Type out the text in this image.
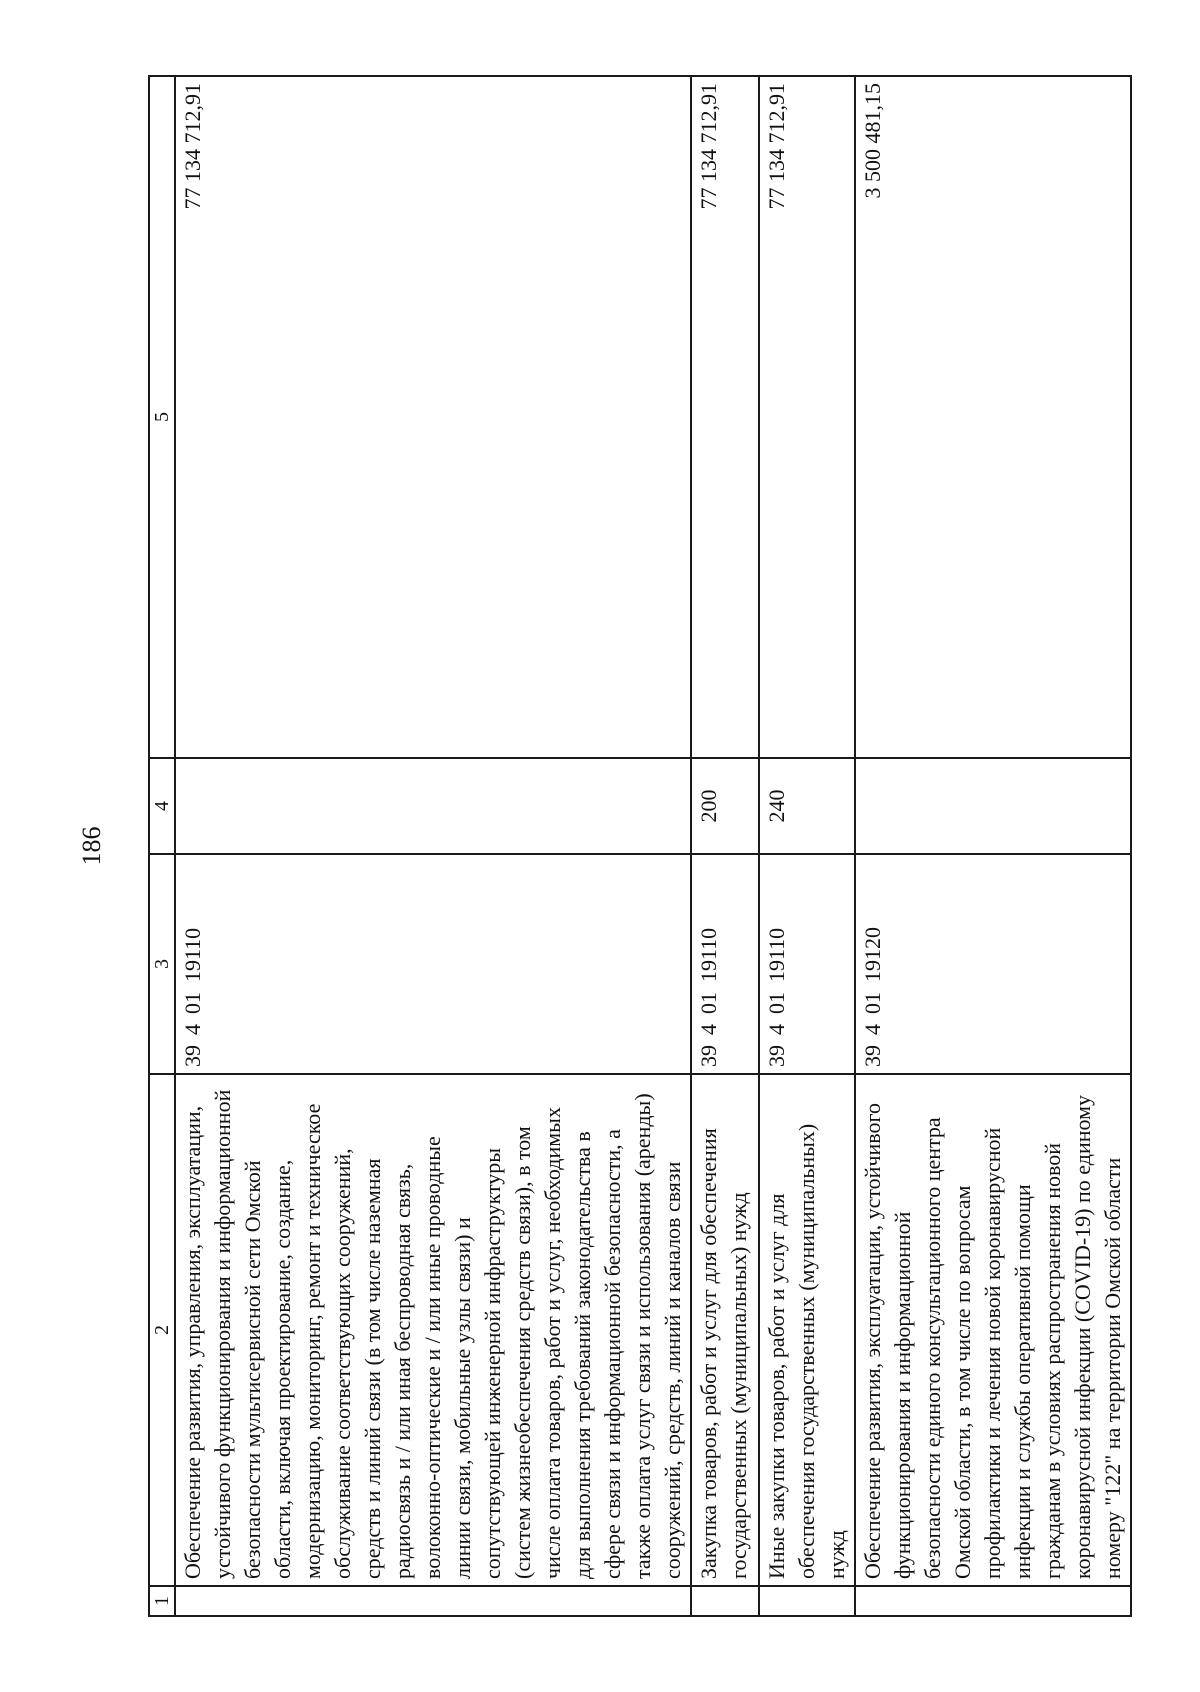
186
1	2	3	4	5
	Обеспечение развития, управления, эксплуатации, устойчивого функционирования и информационной безопасности мультисервисной сети Омской области, включая проектирование, создание, модернизацию, мониторинг, ремонт и техническое обслуживание соответствующих сооружений, средств и линий связи (в том числе наземная радиосвязь и / или иная беспроводная связь, волоконно-оптические и / или иные проводные линии связи, мобильные узлы связи) и сопутствующей инженерной инфраструктуры (систем жизнеобеспечения средств связи), в том числе оплата товаров, работ и услуг, необходимых для выполнения требований законодательства в сфере связи и информационной безопасности, а также оплата услуг связи и использования (аренды) сооружений, средств, линий и каналов связи	3940119110		77 134 712,91
	Закупка товаров, работ и услуг для обеспечения государственных (муниципальных) нужд	3940119110	200	77 134 712,91
	Иные закупки товаров, работ и услуг для обеспечения государственных (муниципальных) нужд	3940119110	240	77 134 712,91
	Обеспечение развития, эксплуатации, устойчивого функционирования и информационной безопасности единого консультационного центра Омской области, в том числе по вопросам профилактики и лечения новой коронавирусной инфекции и службы оперативной помощи гражданам в условиях распространения новой коронавирусной инфекции (COVID-19) по единому номеру "122" на территории Омской области	3940119120		3 500 481,15
